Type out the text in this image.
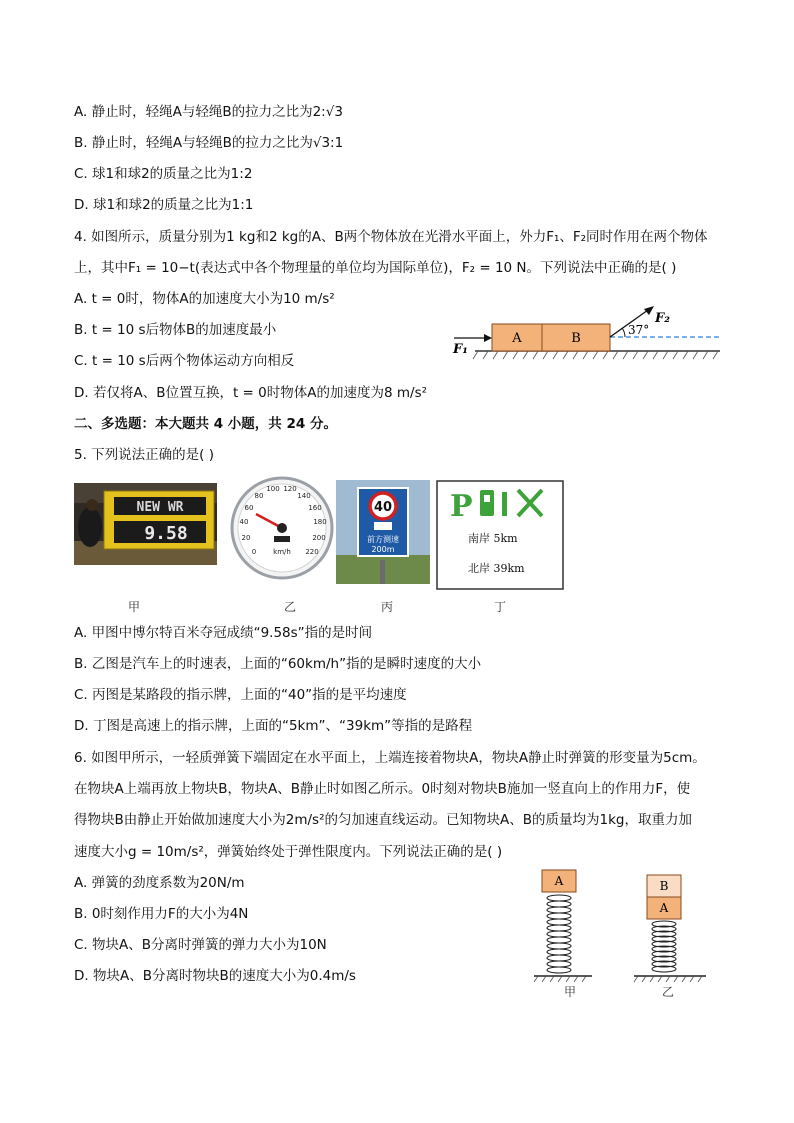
A. 静止时，轻绳A与轻绳B的拉力之比为2:√3
B. 静止时，轻绳A与轻绳B的拉力之比为√3:1
C. 球1和球2的质量之比为1:2
D. 球1和球2的质量之比为1:1
4. 如图所示，质量分别为1 kg和2 kg的A、B两个物体放在光滑水平面上，外力F₁、F₂同时作用在两个物体
上，其中F₁ = 10−t(表达式中各个物理量的单位均为国际单位)，F₂ = 10 N。下列说法中正确的是( )
A. t = 0时，物体A的加速度大小为10 m/s²
B. t = 10 s后物体B的加速度最小
C. t = 10 s后两个物体运动方向相反
D. 若仅将A、B位置互换，t = 0时物体A的加速度为8 m/s²
A	B
F₁
F₂
37°
二、多选题：本大题共 4 小题，共 24 分。
5. 下列说法正确的是( )
NEW WR
9.58
甲
0
20
40
60
80
100 120
140
160
180
200
220
km/h
乙
40
前方测速
200m
丙
P
南岸 5km
北岸 39km
丁
A. 甲图中博尔特百米夺冠成绩“9.58s”指的是时间
B. 乙图是汽车上的时速表，上面的“60km/h”指的是瞬时速度的大小
C. 丙图是某路段的指示牌，上面的“40”指的是平均速度
D. 丁图是高速上的指示牌，上面的“5km”、“39km”等指的是路程
6. 如图甲所示，一轻质弹簧下端固定在水平面上，上端连接着物块A，物块A静止时弹簧的形变量为5cm。
在物块A上端再放上物块B，物块A、B静止时如图乙所示。0时刻对物块B施加一竖直向上的作用力F，使
得物块B由静止开始做加速度大小为2m/s²的匀加速直线运动。已知物块A、B的质量均为1kg，取重力加
速度大小g = 10m/s²，弹簧始终处于弹性限度内。下列说法正确的是( )
A. 弹簧的劲度系数为20N/m
B. 0时刻作用力F的大小为4N
C. 物块A、B分离时弹簧的弹力大小为10N
D. 物块A、B分离时物块B的速度大小为0.4m/s
A	B
A
甲	乙
